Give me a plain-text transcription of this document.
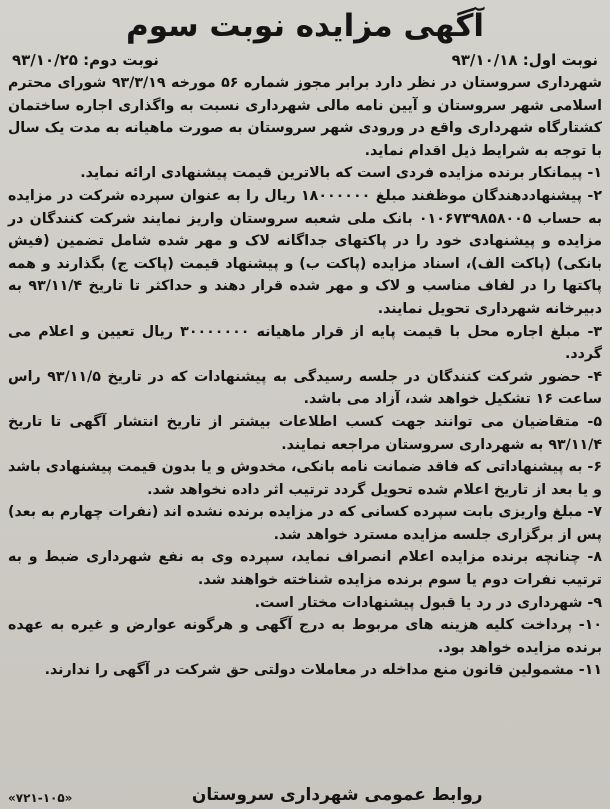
آگهی مزایده نوبت سوم
نوبت اول: ۹۳/۱۰/۱۸
نوبت دوم: ۹۳/۱۰/۲۵

شهرداری سروستان در نظر دارد برابر مجوز شماره ۵۶ مورخه ۹۳/۳/۱۹ شورای محترم اسلامی شهر سروستان و آیین نامه مالی شهرداری نسبت به واگذاری اجاره ساختمان کشتارگاه شهرداری واقع در ورودی شهر سروستان به صورت ماهیانه به مدت یک سال با توجه به شرایط ذیل اقدام نماید.

۱- پیمانکار برنده مزایده فردی است که بالاترین قیمت پیشنهادی ارائه نماید.

۲- پیشنهاددهندگان موظفند مبلغ ۱۸۰۰۰۰۰۰ ریال را به عنوان سپرده شرکت در مزایده به حساب ۰۱۰۶۷۳۹۸۵۸۰۰۵ بانک ملی شعبه سروستان واریز نمایند شرکت کنندگان در مزایده و پیشنهادی خود را در پاکتهای جداگانه لاک و مهر شده شامل تضمین (فیش بانکی) (پاکت الف)، اسناد مزایده (پاکت ب) و پیشنهاد قیمت (پاکت ج) بگذارند و همه پاکتها را در لفاف مناسب و لاک و مهر شده قرار دهند و حداکثر تا تاریخ ۹۳/۱۱/۴ به دبیرخانه شهرداری تحویل نمایند.

۳- مبلغ اجاره محل با قیمت پایه از قرار ماهیانه ۳۰۰۰۰۰۰۰ ریال تعیین و اعلام می گردد.

۴- حضور شرکت کنندگان در جلسه رسیدگی به پیشنهادات که در تاریخ ۹۳/۱۱/۵ راس ساعت ۱۶ تشکیل خواهد شد، آزاد می باشد.

۵- متقاضیان می توانند جهت کسب اطلاعات بیشتر از تاریخ انتشار آگهی تا تاریخ ۹۳/۱۱/۴ به شهرداری سروستان مراجعه نمایند.

۶- به پیشنهاداتی که فاقد ضمانت نامه بانکی، مخدوش و یا بدون قیمت پیشنهادی باشد و یا بعد از تاریخ اعلام شده تحویل گردد ترتیب اثر داده نخواهد شد.

۷- مبلغ واریزی بابت سپرده کسانی که در مزایده برنده نشده اند (نفرات چهارم به بعد) پس از برگزاری جلسه مزایده مسترد خواهد شد.

۸- چنانچه برنده مزایده اعلام انصراف نماید، سپرده وی به نفع شهرداری ضبط و به ترتیب نفرات دوم یا سوم برنده مزایده شناخته خواهند شد.

۹- شهرداری در رد یا قبول پیشنهادات مختار است.

۱۰- پرداخت کلیه هزینه های مربوط به درج آگهی و هرگونه عوارض و غیره به عهده برنده مزایده خواهد بود.

۱۱- مشمولین قانون منع مداخله در معاملات دولتی حق شرکت در آگهی را ندارند.

روابط عمومی شهرداری سروستان
«۷۲۱-۱۰۵»
